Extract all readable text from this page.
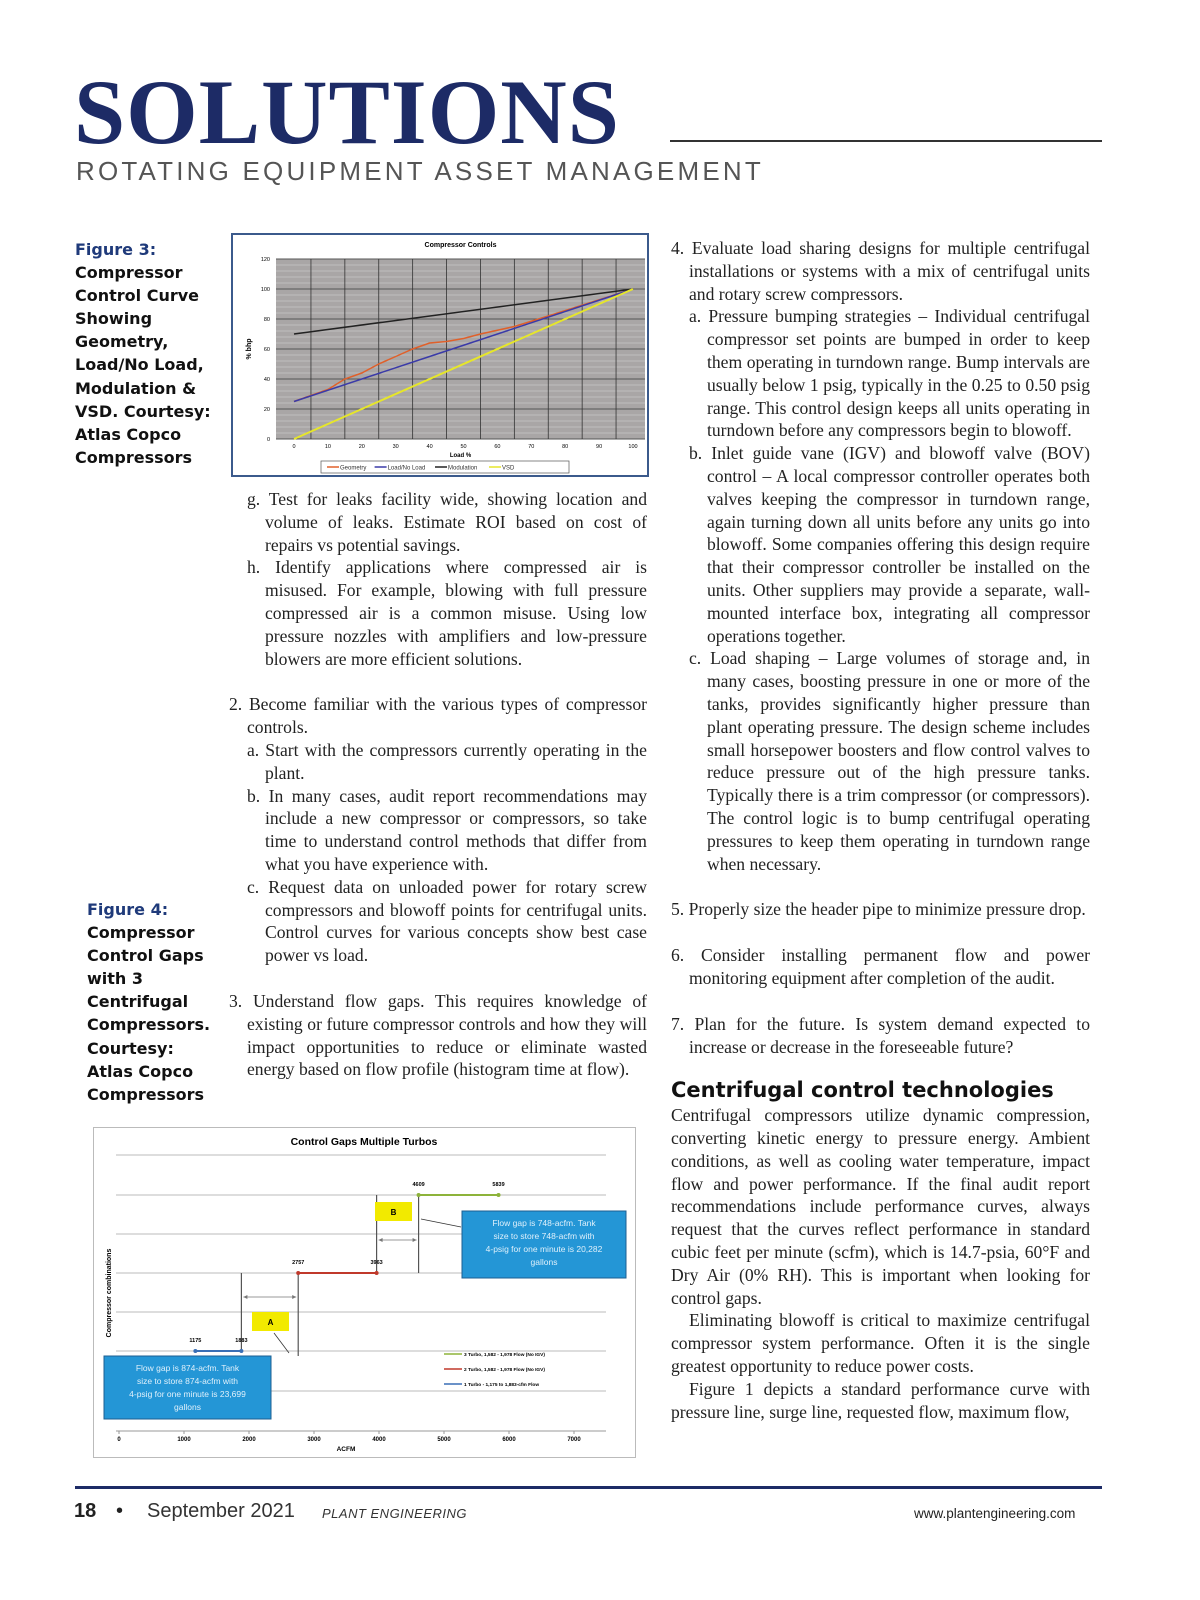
SOLUTIONS
ROTATING EQUIPMENT ASSET MANAGEMENT
Figure 3:
Compressor Control Curve Showing Geometry, Load/No Load, Modulation & VSD. Courtesy: Atlas Copco Compressors
Compressor Controls
0
20
40
60
80
100
120
0	10	20	30	40	50	60	70	80	90	100
Load %
% bhp
Geometry	Load/No Load	Modulation	VSD
g. Test for leaks facility wide, showing location and volume of leaks. Estimate ROI based on cost of repairs vs potential savings.
h. Identify applications where compressed air is misused. For example, blowing with full pressure compressed air is a common misuse. Using low pressure nozzles with amplifiers and low-pressure blowers are more efficient solutions.
2. Become familiar with the various types of compressor controls.
a. Start with the compressors currently operating in the plant.
b. In many cases, audit report recommendations may include a new compressor or compressors, so take time to understand control methods that differ from what you have experience with.
c. Request data on unloaded power for rotary screw compressors and blowoff points for centrifugal units. Control curves for various concepts show best case power vs load.
3. Understand flow gaps. This requires knowledge of existing or future compressor controls and how they will impact opportunities to reduce or eliminate wasted energy based on flow profile (histogram time at flow).
Figure 4:
Compressor Control Gaps with 3 Centrifugal Compressors. Courtesy: Atlas Copco Compressors
Control Gaps Multiple Turbos
0	1000	2000	3000	4000	5000	6000	7000
ACFM
Compressor combinations
1175	1883
1 Turbo - 1,175 to 1,883-cfm Flow
2757	3963
2 Turbo, 1,582 - 1,978 Flow (No IGV)
4609	5839
3 Turbo, 1,582 - 1,978 Flow (No IGV)
A
B
Flow gap is 874-acfm. Tank
size to store 874-acfm with
4-psig for one minute is 23,699
gallons
Flow gap is 748-acfm. Tank
size to store 748-acfm with
4-psig for one minute is 20,282
gallons
4. Evaluate load sharing designs for multiple centrifugal installations or systems with a mix of centrifugal units and rotary screw compressors.
a. Pressure bumping strategies – Individual centrifugal compressor set points are bumped in order to keep them operating in turndown range. Bump intervals are usually below 1 psig, typically in the 0.25 to 0.50 psig range. This control design keeps all units operating in turndown before any compressors begin to blowoff.
b. Inlet guide vane (IGV) and blowoff valve (BOV) control – A local compressor controller operates both valves keeping the compressor in turndown range, again turning down all units before any units go into blowoff. Some companies offering this design require that their compressor controller be installed on the units. Other suppliers may provide a separate, wall-mounted interface box, integrating all compressor operations together.
c. Load shaping – Large volumes of storage and, in many cases, boosting pressure in one or more of the tanks, provides significantly higher pressure than plant operating pressure. The design scheme includes small horsepower boosters and flow control valves to reduce pressure out of the high pressure tanks. Typically there is a trim compressor (or compressors). The control logic is to bump centrifugal operating pressures to keep them operating in turndown range when necessary.
5. Properly size the header pipe to minimize pressure drop.
6. Consider installing permanent flow and power monitoring equipment after completion of the audit.
7. Plan for the future. Is system demand expected to increase or decrease in the foreseeable future?
Centrifugal control technologies
Centrifugal compressors utilize dynamic compression, converting kinetic energy to pressure energy. Ambient conditions, as well as cooling water temperature, impact flow and power performance. If the final audit report recommendations include performance curves, always request that the curves reflect performance in standard cubic feet per minute (scfm), which is 14.7-psia, 60°F and Dry Air (0% RH). This is important when looking for control gaps.
Eliminating blowoff is critical to maximize centrifugal compressor system performance. Often it is the single greatest opportunity to reduce power costs.
Figure 1 depicts a standard performance curve with pressure line, surge line, requested flow, maximum flow,
18 • September 2021 PLANT ENGINEERING	www.plantengineering.com
